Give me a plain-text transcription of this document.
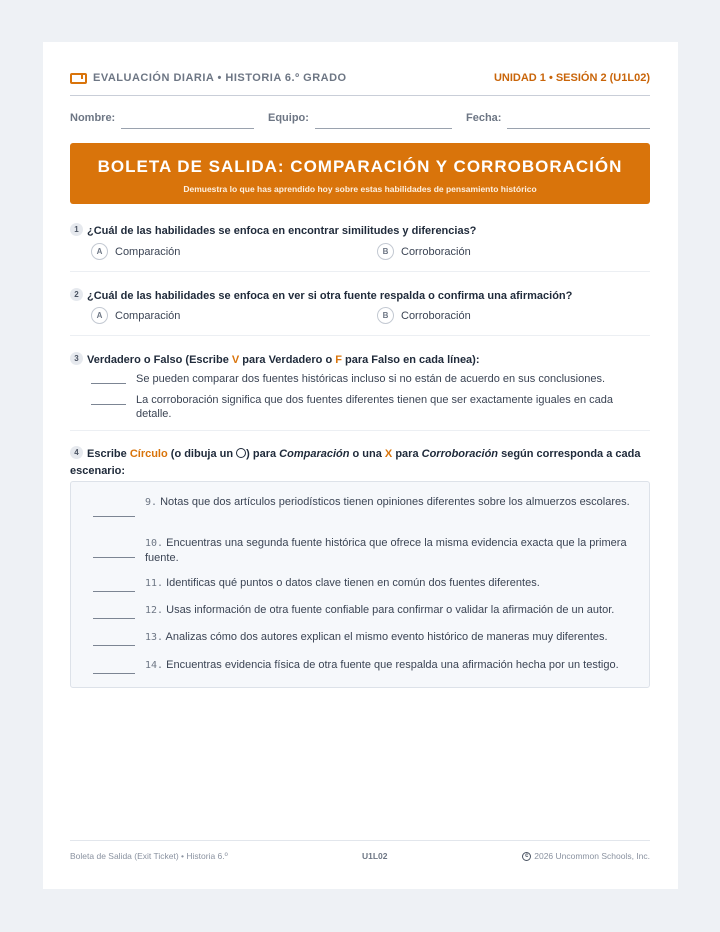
EVALUACIÓN DIARIA • HISTORIA 6.º GRADO	UNIDAD 1 • SESIÓN 2 (U1L02)
Nombre:	Equipo:	Fecha:
BOLETA DE SALIDA: COMPARACIÓN Y CORROBORACIÓN
Demuestra lo que has aprendido hoy sobre estas habilidades de pensamiento histórico
1 ¿Cuál de las habilidades se enfoca en encontrar similitudes y diferencias?
A	Comparación	B	Corroboración
2 ¿Cuál de las habilidades se enfoca en ver si otra fuente respalda o confirma una afirmación?
A	Comparación	B	Corroboración
3 Verdadero o Falso (Escribe V para Verdadero o F para Falso en cada línea):
Se pueden comparar dos fuentes históricas incluso si no están de acuerdo en sus conclusiones.
La corroboración significa que dos fuentes diferentes tienen que ser exactamente iguales en cada detalle.
4 Escribe Círculo (o dibuja un ) para Comparación o una X para Corroboración según corresponda a cada escenario:
9. Notas que dos artículos periodísticos tienen opiniones diferentes sobre los almuerzos escolares.
10. Encuentras una segunda fuente histórica que ofrece la misma evidencia exacta que la primera fuente.
11. Identificas qué puntos o datos clave tienen en común dos fuentes diferentes.
12. Usas información de otra fuente confiable para confirmar o validar la afirmación de un autor.
13. Analizas cómo dos autores explican el mismo evento histórico de maneras muy diferentes.
14. Encuentras evidencia física de otra fuente que respalda una afirmación hecha por un testigo.
Boleta de Salida (Exit Ticket) • Historia 6.º	U1L02	c 2026 Uncommon Schools, Inc.
